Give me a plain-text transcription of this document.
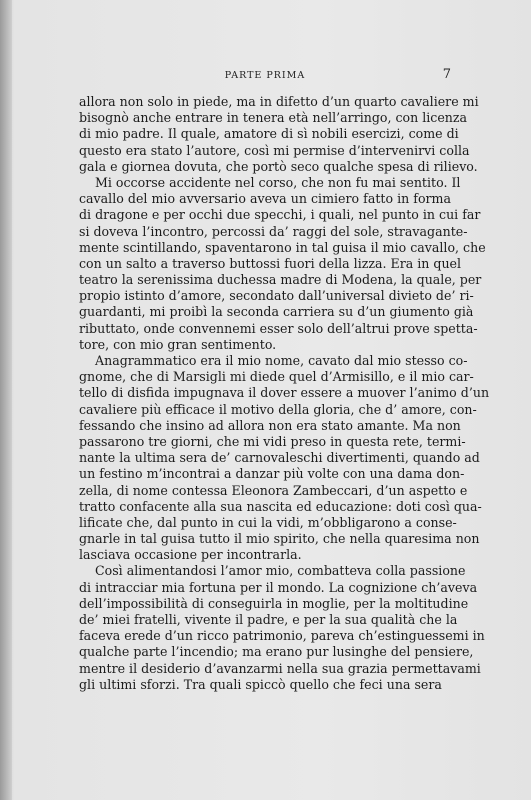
PARTE PRIMA	7
allora non solo in piede, ma in difetto d’un quarto cavaliere mi
bisognò anche entrare in tenera età nell’arringo, con licenza
di mio padre. Il quale, amatore di sì nobili esercizi, come di
questo era stato l’autore, così mi permise d’intervenirvi colla
gala e giornea dovuta, che portò seco qualche spesa di rilievo.
Mi occorse accidente nel corso, che non fu mai sentito. Il
cavallo del mio avversario aveva un cimiero fatto in forma
di dragone e per occhi due specchi, i quali, nel punto in cui far
si doveva l’incontro, percossi da’ raggi del sole, stravagante-
mente scintillando, spaventarono in tal guisa il mio cavallo, che
con un salto a traverso buttossi fuori della lizza. Era in quel
teatro la serenissima duchessa madre di Modena, la quale, per
propio istinto d’amore, secondato dall’universal divieto de’ ri-
guardanti, mi proibì la seconda carriera su d’un giumento già
ributtato, onde convennemi esser solo dell’altrui prove spetta-
tore, con mio gran sentimento.
Anagrammatico era il mio nome, cavato dal mio stesso co-
gnome, che di Marsigli mi diede quel d’Armisillo, e il mio car-
tello di disfida impugnava il dover essere a muover l’animo d’un
cavaliere più efficace il motivo della gloria, che d’ amore, con-
fessando che insino ad allora non era stato amante. Ma non
passarono tre giorni, che mi vidi preso in questa rete, termi-
nante la ultima sera de’ carnovaleschi divertimenti, quando ad
un festino m’incontrai a danzar più volte con una dama don-
zella, di nome contessa Eleonora Zambeccari, d’un aspetto e
tratto confacente alla sua nascita ed educazione: doti così qua-
lificate che, dal punto in cui la vidi, m’obbligarono a conse-
gnarle in tal guisa tutto il mio spirito, che nella quaresima non
lasciava occasione per incontrarla.
Così alimentandosi l’amor mio, combatteva colla passione
di intracciar mia fortuna per il mondo. La cognizione ch’aveva
dell’impossibilità di conseguirla in moglie, per la moltitudine
de’ miei fratelli, vivente il padre, e per la sua qualità che la
faceva erede d’un ricco patrimonio, pareva ch’estinguessemi in
qualche parte l’incendio; ma erano pur lusinghe del pensiere,
mentre il desiderio d’avanzarmi nella sua grazia permettavami
gli ultimi sforzi. Tra quali spiccò quello che feci una sera
